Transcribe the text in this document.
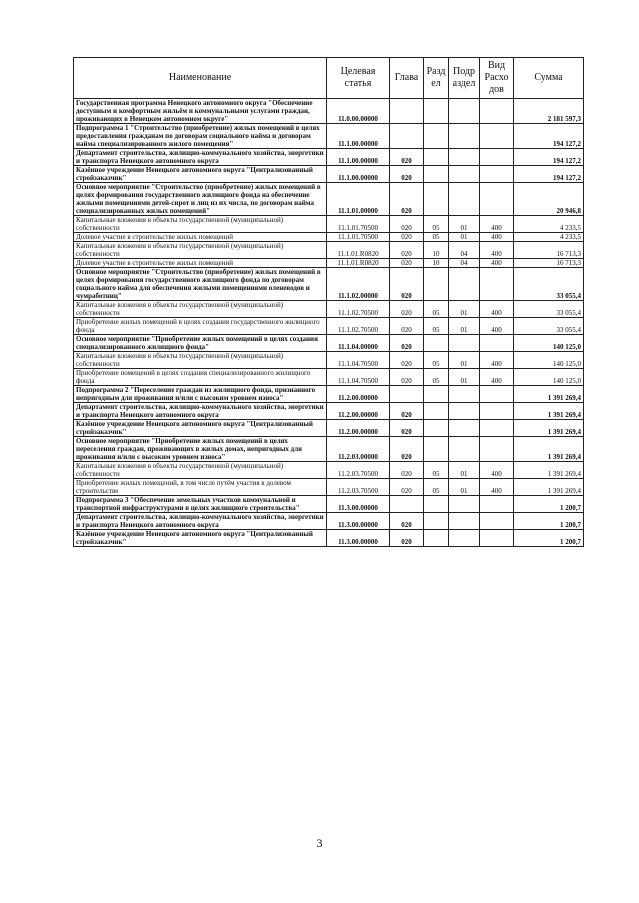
Наименование	Целевая статья	Глава	Разд ел	Подр аздел	Вид Расхо дов	Сумма
Государственная программа Ненецкого автономного округа "Обеспечение доступным и комфортным жильём и коммунальными услугами граждан, проживающих в Ненецком автономном округе"	11.0.00.00000					2 181 597,3
Подпрограмма 1 "Строительство (приобретение) жилых помещений в целях предоставления гражданам по договорам социального найма и договорам найма специализированного жилого помещения"	11.1.00.00000					194 127,2
Департамент строительства, жилищно-коммунального хозяйства, энергетики и транспорта Ненецкого автономного округа	11.1.00.00000	020				194 127,2
Казённое учреждение Ненецкого автономного округа "Централизованный стройзаказчик"	11.1.00.00000	020				194 127,2
Основное мероприятие "Строительство (приобретение) жилых помещений в целях формирования государственного жилищного фонда на обеспечение жилыми помещениями детей-сирот и лиц из их числа, по договорам найма специализированных жилых помещений"	11.1.01.00000	020				20 946,8
Капитальные вложения в объекты государственной (муниципальной) собственности	11.1.01.70500	020	05	01	400	4 233,5
Долевое участие в строительстве жилых помещений	11.1.01.70500	020	05	01	400	4 233,5
Капитальные вложения в объекты государственной (муниципальной) собственности	11.1.01.R0820	020	10	04	400	16 713,3
Долевое участие в строительстве жилых помещений	11.1.01.R0820	020	10	04	400	16 713,3
Основное мероприятие "Строительство (приобретение) жилых помещений в целях формирования государственного жилищного фонда по договорам социального найма для обеспечения жилыми помещениями оленеводов и чумработниц"	11.1.02.00000	020				33 055,4
Капитальные вложения в объекты государственной (муниципальной) собственности	11.1.02.70500	020	05	01	400	33 055,4
Приобретение жилых помещений в целях создания государственного жилищного фонда	11.1.02.70500	020	05	01	400	33 055,4
Основное мероприятие "Приобретение жилых помещений в целях создания специализированного жилищного фонда"	11.1.04.00000	020				140 125,0
Капитальные вложения в объекты государственной (муниципальной) собственности	11.1.04.70500	020	05	01	400	140 125,0
Приобретение помещений в целях создания специализированного жилищного фонда	11.1.04.70500	020	05	01	400	140 125,0
Подпрограмма 2 "Переселение граждан из жилищного фонда, признанного непригодным для проживания и/или с высоким уровнем износа"	11.2.00.00000					1 391 269,4
Департамент строительства, жилищно-коммунального хозяйства, энергетики и транспорта Ненецкого автономного округа	11.2.00.00000	020				1 391 269,4
Казённое учреждение Ненецкого автономного округа "Централизованный стройзаказчик"	11.2.00.00000	020				1 391 269,4
Основное мероприятие "Приобретение жилых помещений в целях переселения граждан, проживающих в жилых домах, непригодных для проживания и/или с высоким уровнем износа"	11.2.03.00000	020				1 391 269,4
Капитальные вложения в объекты государственной (муниципальной) собственности	11.2.03.70500	020	05	01	400	1 391 269,4
Приобретение жилых помещений, в том числе путём участия в долевом строительстве	11.2.03.70500	020	05	01	400	1 391 269,4
Подпрограмма 3 "Обеспечение земельных участков коммунальной и транспортной инфраструктурами в целях жилищного строительства"	11.3.00.00000					1 200,7
Департамент строительства, жилищно-коммунального хозяйства, энергетики и транспорта Ненецкого автономного округа	11.3.00.00000	020				1 200,7
Казённое учреждение Ненецкого автономного округа "Централизованный стройзаказчик"	11.3.00.00000	020				1 200,7
3
